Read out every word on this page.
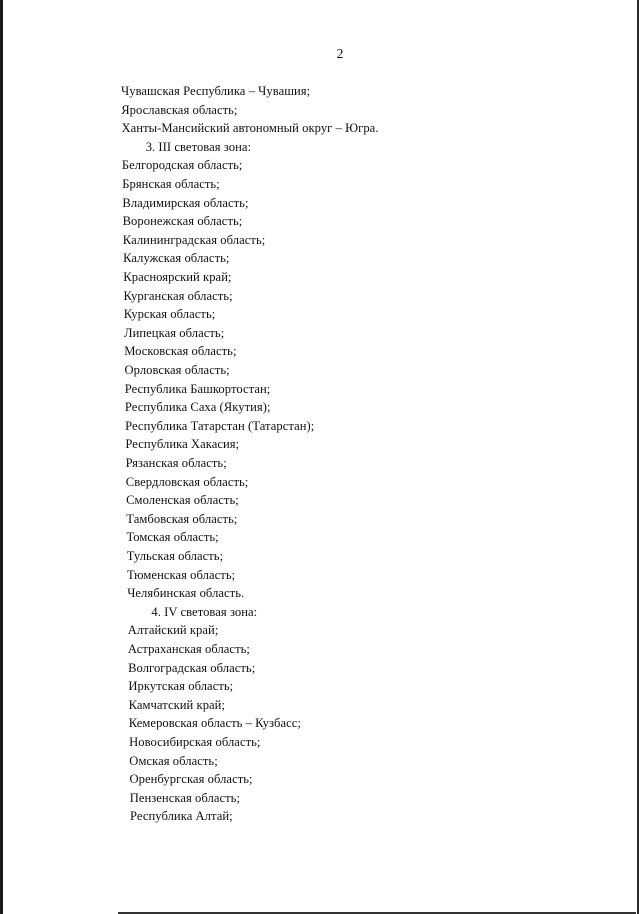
2
Чувашская Республика – Чувашия;
Ярославская область;
Ханты-Мансийский автономный округ – Югра.
3. III световая зона:
Белгородская область;
Брянская область;
Владимирская область;
Воронежская область;
Калининградская область;
Калужская область;
Красноярский край;
Курганская область;
Курская область;
Липецкая область;
Московская область;
Орловская область;
Республика Башкортостан;
Республика Саха (Якутия);
Республика Татарстан (Татарстан);
Республика Хакасия;
Рязанская область;
Свердловская область;
Смоленская область;
Тамбовская область;
Томская область;
Тульская область;
Тюменская область;
Челябинская область.
4. IV световая зона:
Алтайский край;
Астраханская область;
Волгоградская область;
Иркутская область;
Камчатский край;
Кемеровская область – Кузбасс;
Новосибирская область;
Омская область;
Оренбургская область;
Пензенская область;
Республика Алтай;
